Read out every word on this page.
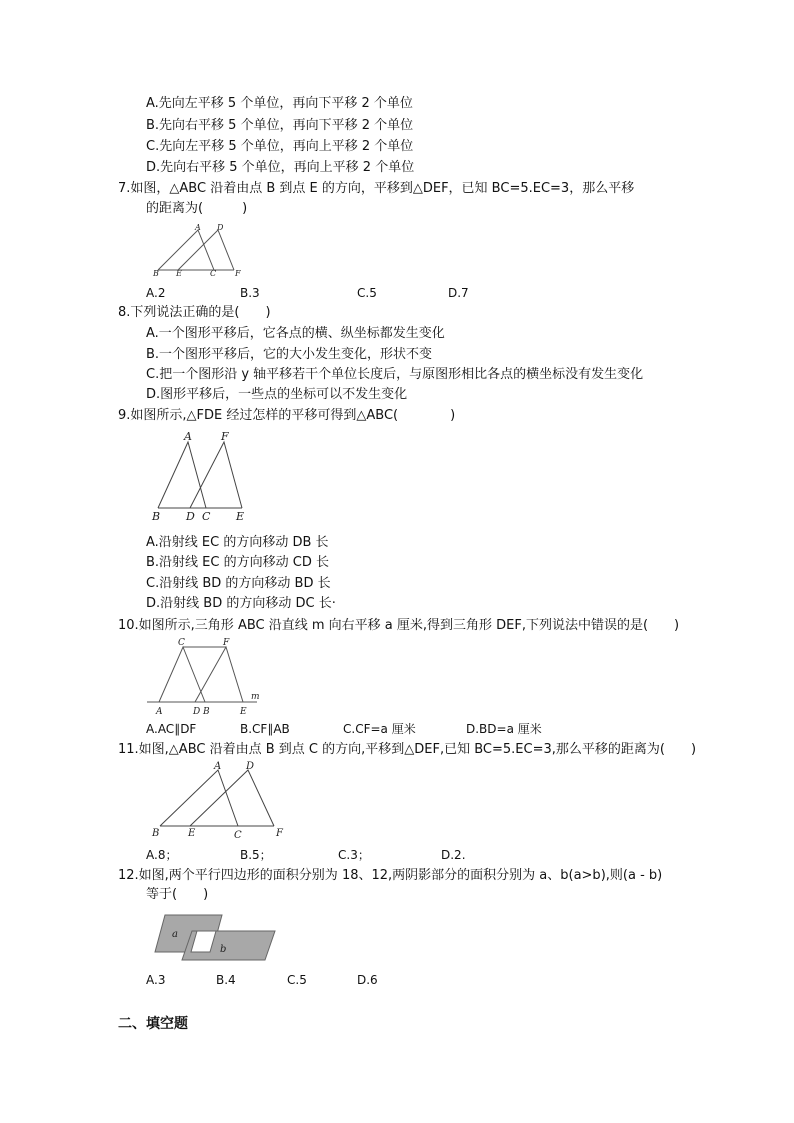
A.先向左平移 5 个单位，再向下平移 2 个单位
B.先向右平移 5 个单位，再向下平移 2 个单位
C.先向左平移 5 个单位，再向上平移 2 个单位
D.先向右平移 5 个单位，再向上平移 2 个单位
7.如图，△ABC 沿着由点 B 到点 E 的方向，平移到△DEF，已知 BC=5.EC=3，那么平移
的距离为(　　　)
A D
B E	C F
A.2	B.3	C.5	D.7
8.下列说法正确的是(　　)
A.一个图形平移后，它各点的横、纵坐标都发生变化
B.一个图形平移后，它的大小发生变化，形状不变
C.把一个图形沿 y 轴平移若干个单位长度后，与原图形相比各点的横坐标没有发生变化
D.图形平移后，一些点的坐标可以不发生变化
9.如图所示,△FDE 经过怎样的平移可得到△ABC(　　　　)
A	F
B D C E
A.沿射线 EC 的方向移动 DB 长
B.沿射线 EC 的方向移动 CD 长
C.沿射线 BD 的方向移动 BD 长
D.沿射线 BD 的方向移动 DC 长·
10.如图所示,三角形 ABC 沿直线 m 向右平移 a 厘米,得到三角形 DEF,下列说法中错误的是(　　)
C	F
A	D B	E
m
A.AC∥DF	B.CF∥AB	C.CF=a 厘米	D.BD=a 厘米
11.如图,△ABC 沿着由点 B 到点 C 的方向,平移到△DEF,已知 BC=5.EC=3,那么平移的距离为(　　)
A D
B	E	C	F
A.8；	B.5；	C.3；	D.2.
12.如图,两个平行四边形的面积分别为 18、12,两阴影部分的面积分别为 a、b(a>b),则(a - b)
等于(　　)
a
b
A.3	B.4	C.5	D.6
二、填空题
